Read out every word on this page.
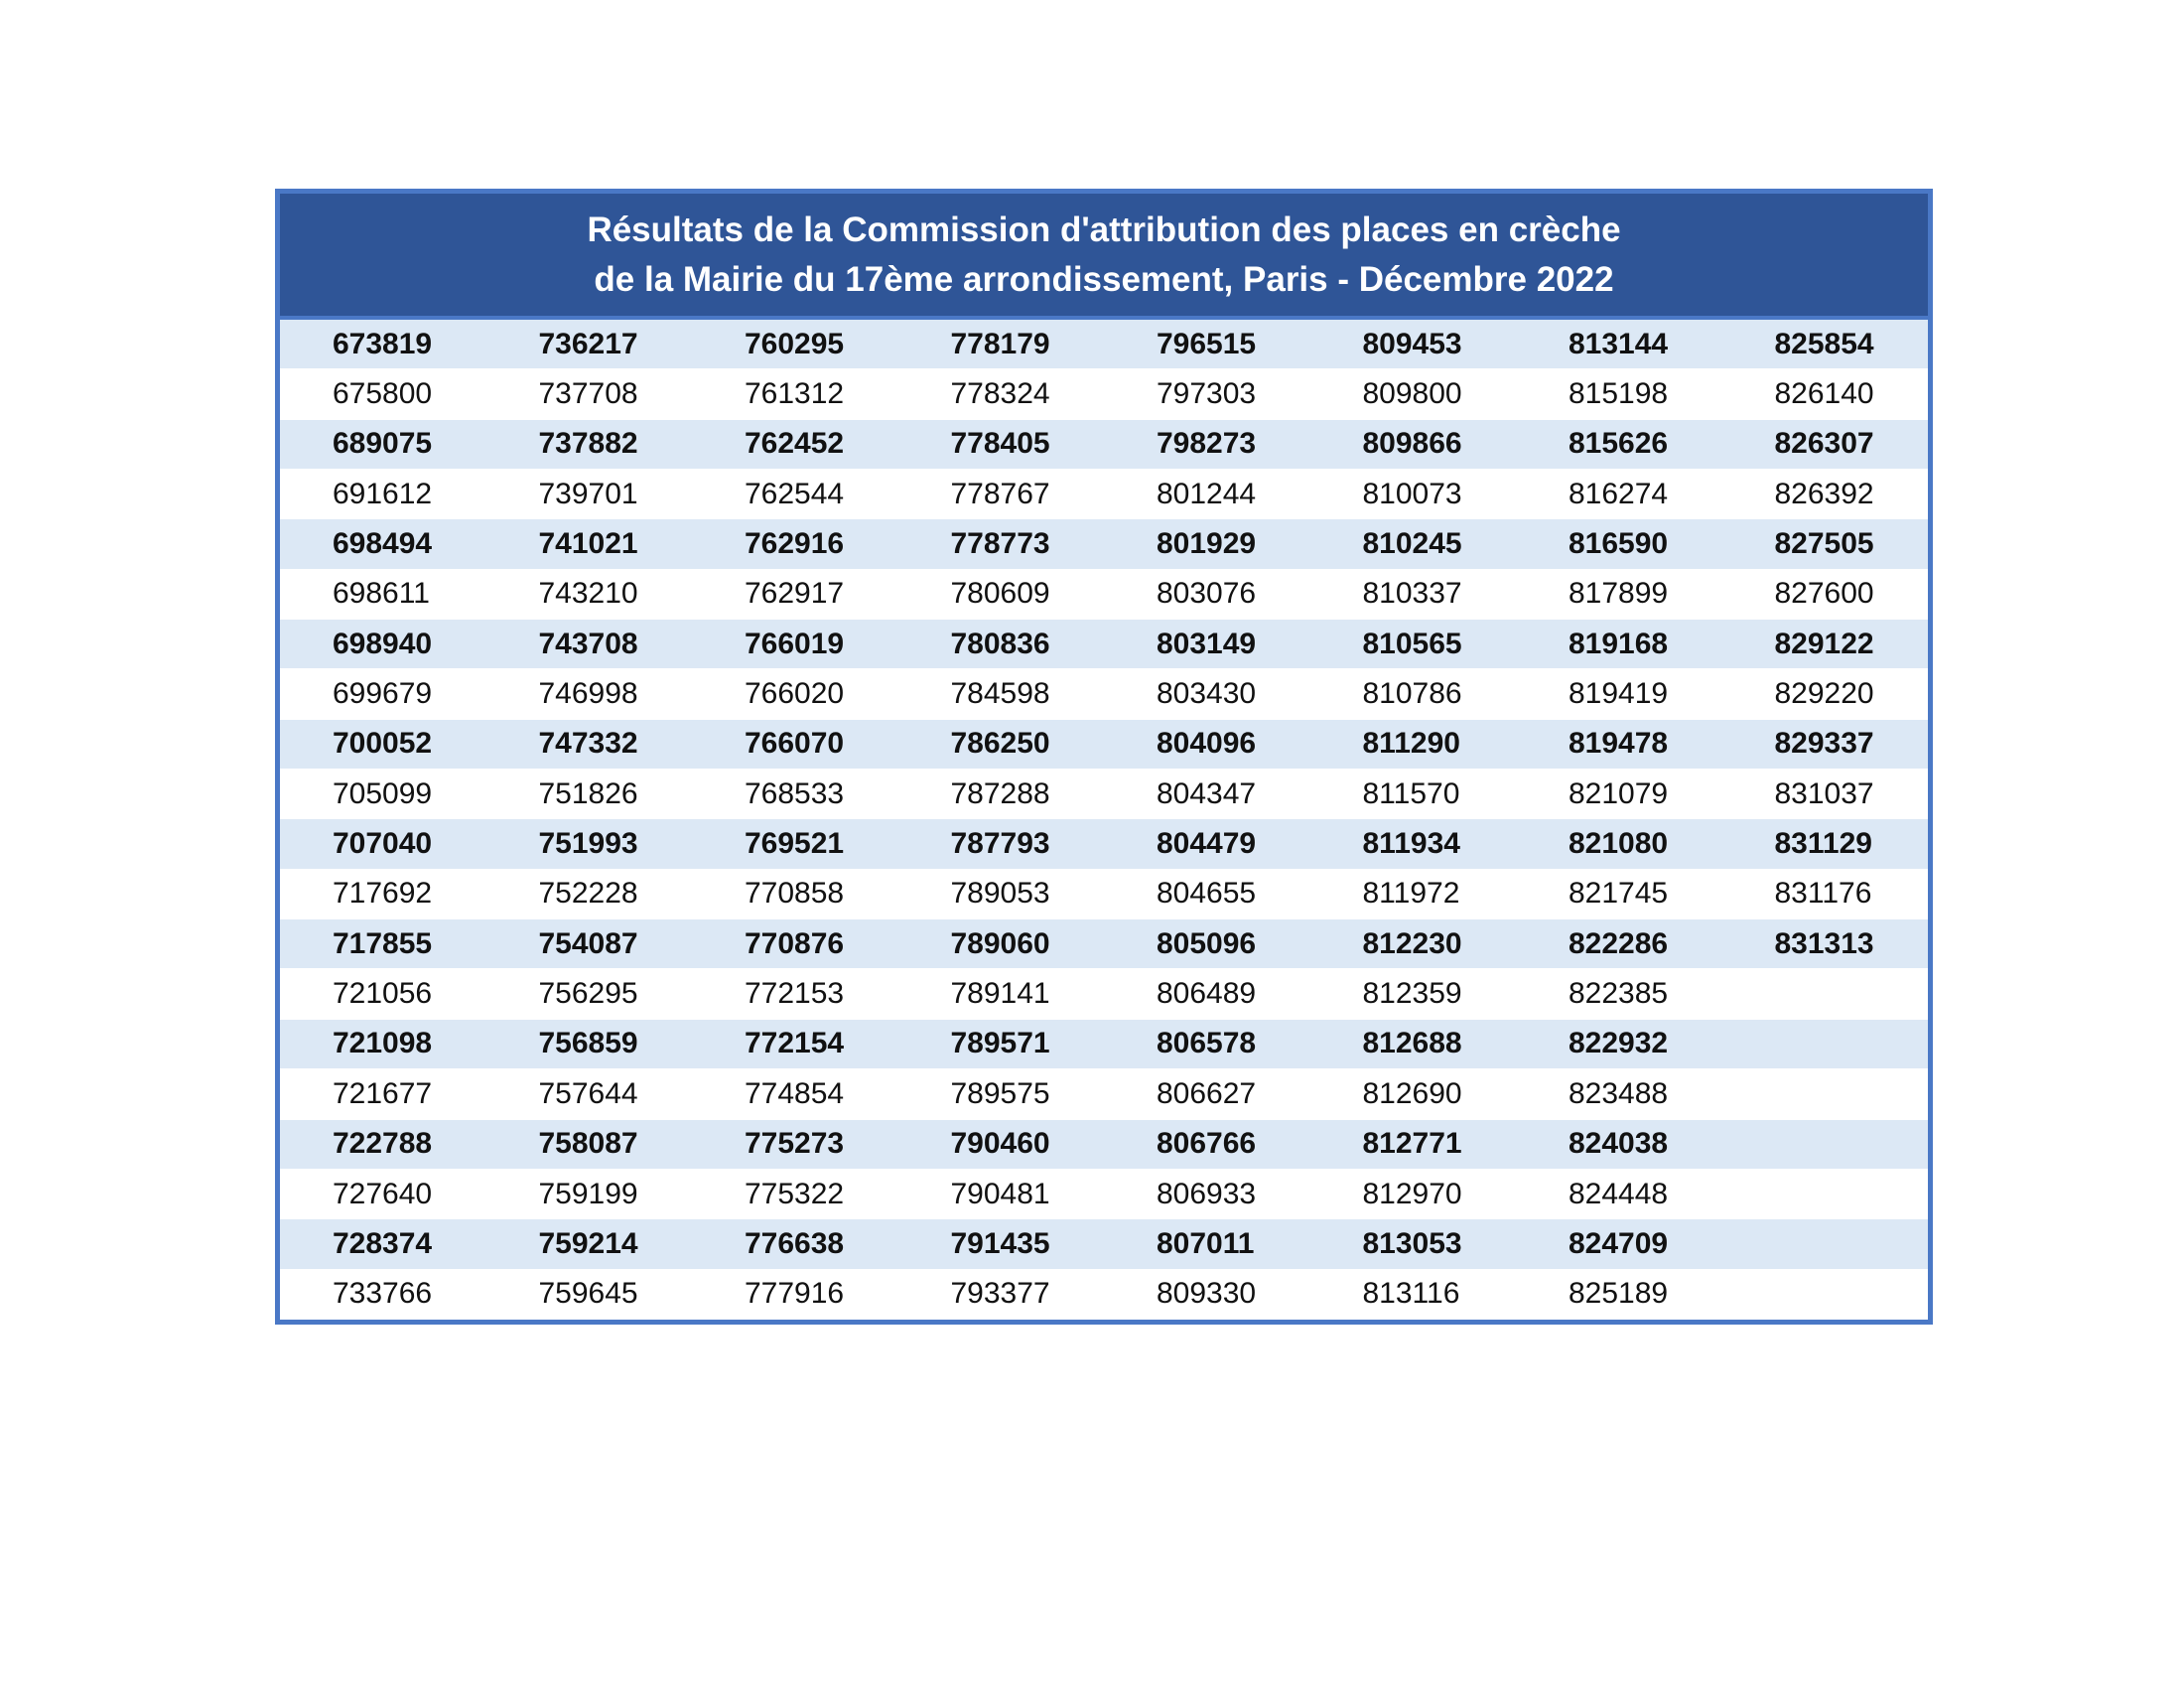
Résultats de la Commission d'attribution des places en crèche
de la Mairie du 17ème arrondissement, Paris - Décembre 2022
673819	736217	760295	778179	796515	809453	813144	825854
675800	737708	761312	778324	797303	809800	815198	826140
689075	737882	762452	778405	798273	809866	815626	826307
691612	739701	762544	778767	801244	810073	816274	826392
698494	741021	762916	778773	801929	810245	816590	827505
698611	743210	762917	780609	803076	810337	817899	827600
698940	743708	766019	780836	803149	810565	819168	829122
699679	746998	766020	784598	803430	810786	819419	829220
700052	747332	766070	786250	804096	811290	819478	829337
705099	751826	768533	787288	804347	811570	821079	831037
707040	751993	769521	787793	804479	811934	821080	831129
717692	752228	770858	789053	804655	811972	821745	831176
717855	754087	770876	789060	805096	812230	822286	831313
721056	756295	772153	789141	806489	812359	822385
721098	756859	772154	789571	806578	812688	822932
721677	757644	774854	789575	806627	812690	823488
722788	758087	775273	790460	806766	812771	824038
727640	759199	775322	790481	806933	812970	824448
728374	759214	776638	791435	807011	813053	824709
733766	759645	777916	793377	809330	813116	825189
